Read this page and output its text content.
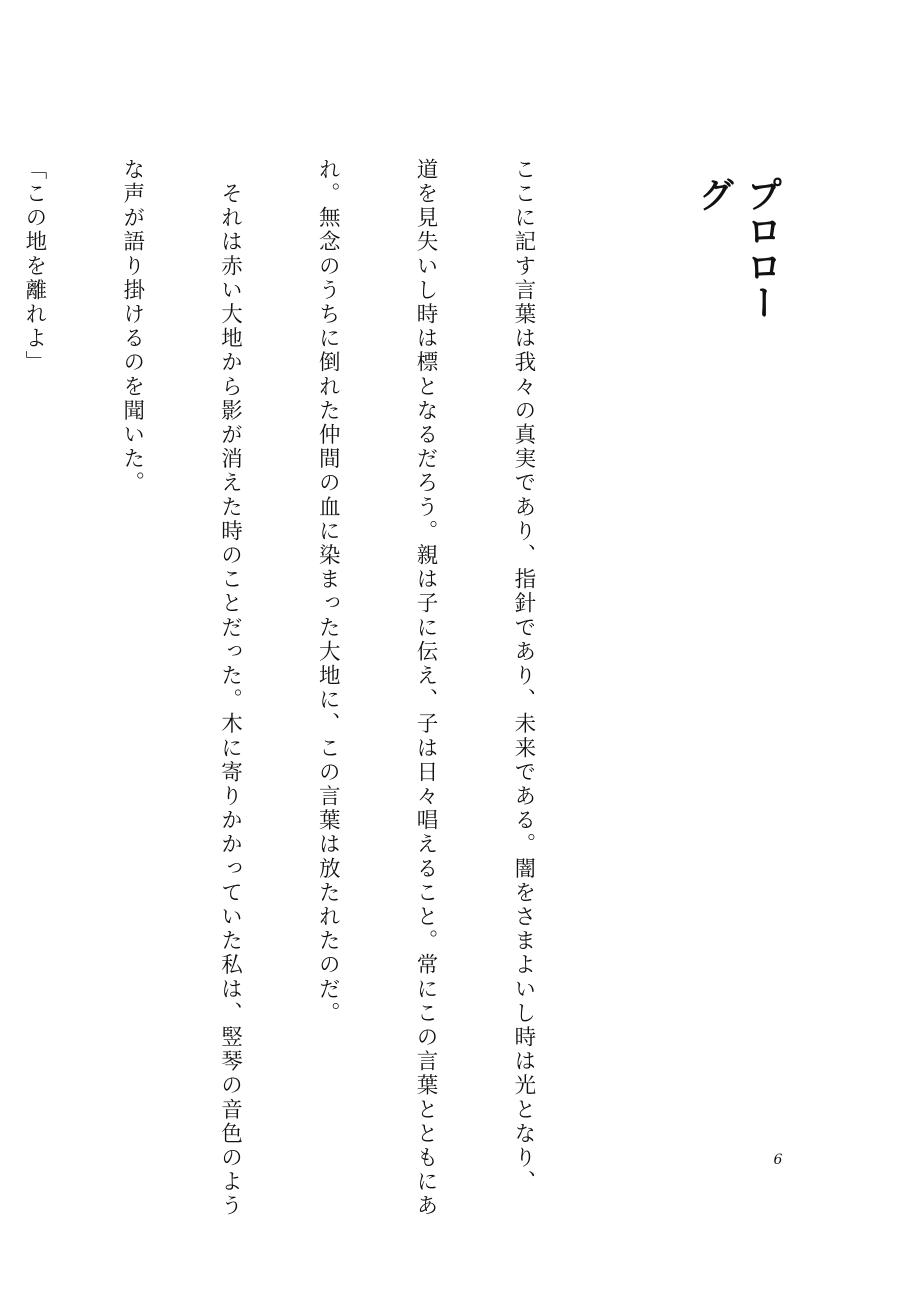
プロローグ

ここに記す言葉は我々の真実であり、指針であり、未来である。闇をさまよいし時は光となり、

道を見失いし時は標となるだろう。親は子に伝え、子は日々唱えること。常にこの言葉とともにあ

れ。無念のうちに倒れた仲間の血に染まった大地に、この言葉は放たれたのだ。

　それは赤い大地から影が消えた時のことだった。木に寄りかかっていた私は、竪琴の音色のよう

な声が語り掛けるのを聞いた。

「この地を離れよ」

6
